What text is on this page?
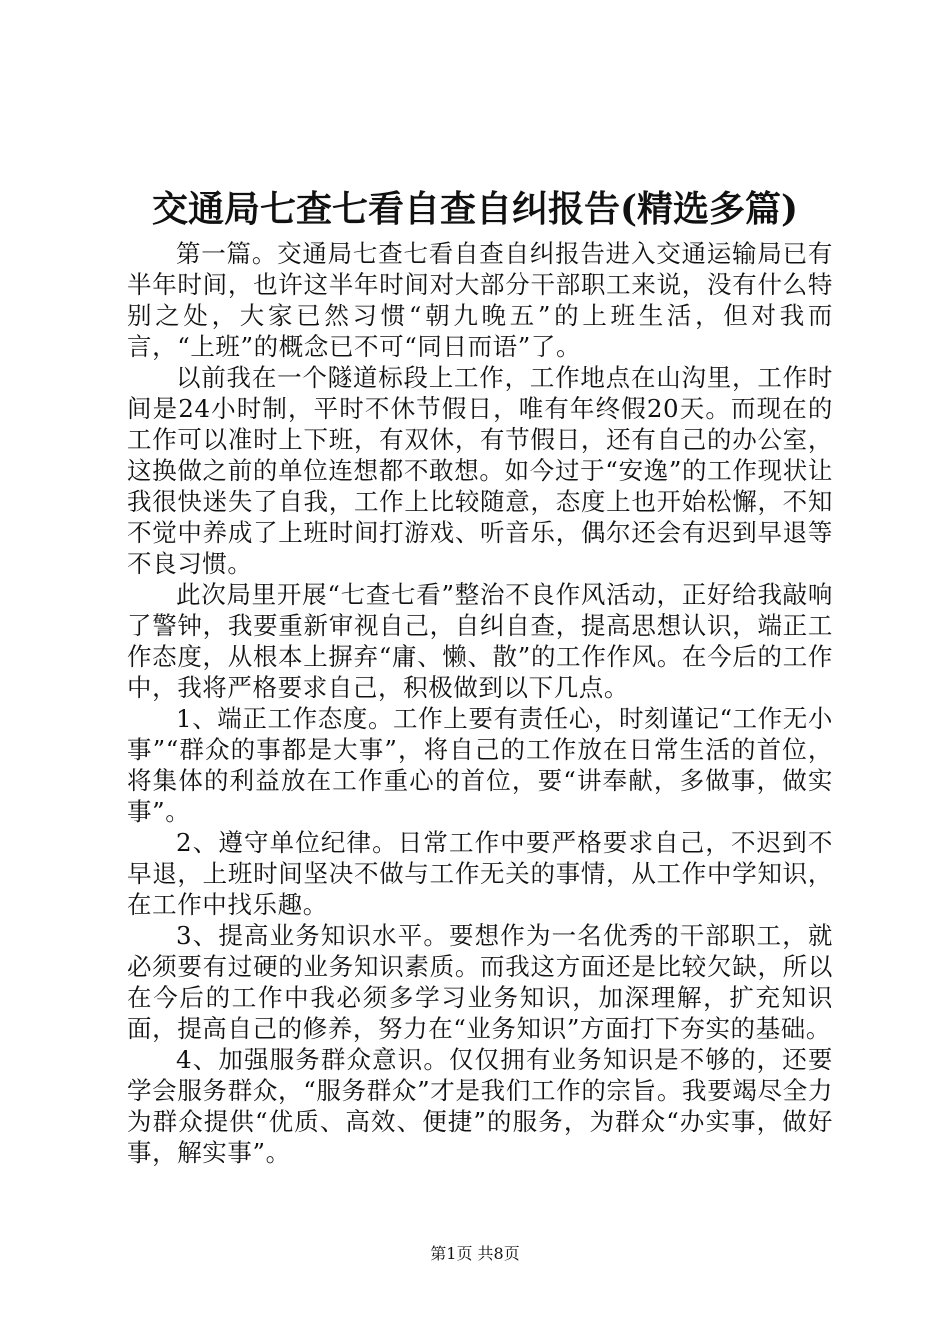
交通局七查七看自查自纠报告(精选多篇)

第一篇。交通局七查七看自查自纠报告进入交通运输局已有半年时间，也许这半年时间对大部分干部职工来说，没有什么特别之处，大家已然习惯“朝九晚五”的上班生活，但对我而言，“上班”的概念已不可“同日而语”了。

以前我在一个隧道标段上工作，工作地点在山沟里，工作时间是24小时制，平时不休节假日，唯有年终假20天。而现在的工作可以准时上下班，有双休，有节假日，还有自己的办公室，这换做之前的单位连想都不敢想。如今过于“安逸”的工作现状让我很快迷失了自我，工作上比较随意，态度上也开始松懈，不知不觉中养成了上班时间打游戏、听音乐，偶尔还会有迟到早退等不良习惯。

此次局里开展“七查七看”整治不良作风活动，正好给我敲响了警钟，我要重新审视自己，自纠自查，提高思想认识，端正工作态度，从根本上摒弃“庸、懒、散”的工作作风。在今后的工作中，我将严格要求自己，积极做到以下几点。

1、端正工作态度。工作上要有责任心，时刻谨记“工作无小事”“群众的事都是大事”，将自己的工作放在日常生活的首位，将集体的利益放在工作重心的首位，要“讲奉献，多做事，做实事”。

2、遵守单位纪律。日常工作中要严格要求自己，不迟到不早退，上班时间坚决不做与工作无关的事情，从工作中学知识，在工作中找乐趣。

3、提高业务知识水平。要想作为一名优秀的干部职工，就必须要有过硬的业务知识素质。而我这方面还是比较欠缺，所以在今后的工作中我必须多学习业务知识，加深理解，扩充知识面，提高自己的修养，努力在“业务知识”方面打下夯实的基础。

4、加强服务群众意识。仅仅拥有业务知识是不够的，还要学会服务群众，“服务群众”才是我们工作的宗旨。我要竭尽全力为群众提供“优质、高效、便捷”的服务，为群众“办实事，做好事，解实事”。

第1页 共8页
